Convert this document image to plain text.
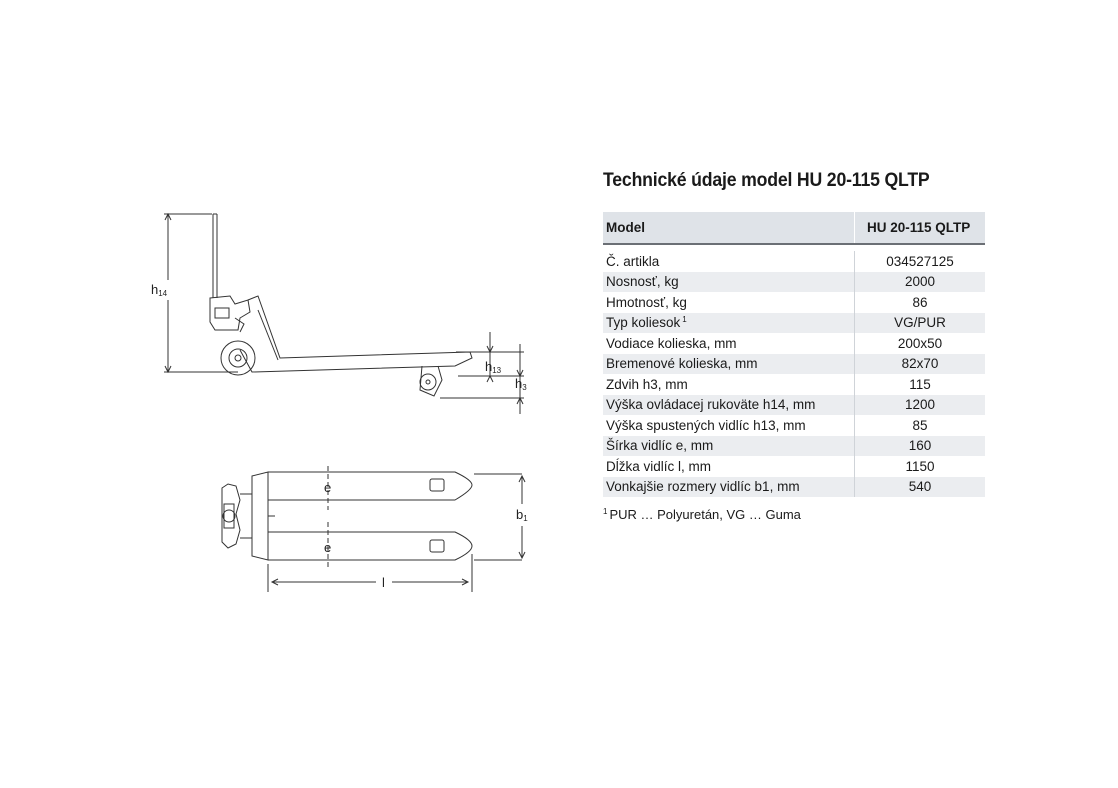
h14
h13
h3
e
e
b1
l
Technické údaje model HU 20-115 QLTP
Model	HU 20-115 QLTP

Č. artikla	034527125
Nosnosť, kg	2000
Hmotnosť, kg	86
Typ koliesok $^1$	VG/PUR
Vodiace kolieska, mm	200x50
Bremenové kolieska, mm	82x70
Zdvih h3, mm	115
Výška ovládacej rukoväte h14, mm	1200
Výška spustených vidlíc h13, mm	85
Šírka vidlíc e, mm	160
Dĺžka vidlíc l, mm	1150
Vonkajšie rozmery vidlíc b1, mm	540
$^1$ PUR … Polyuretán, VG … Guma
